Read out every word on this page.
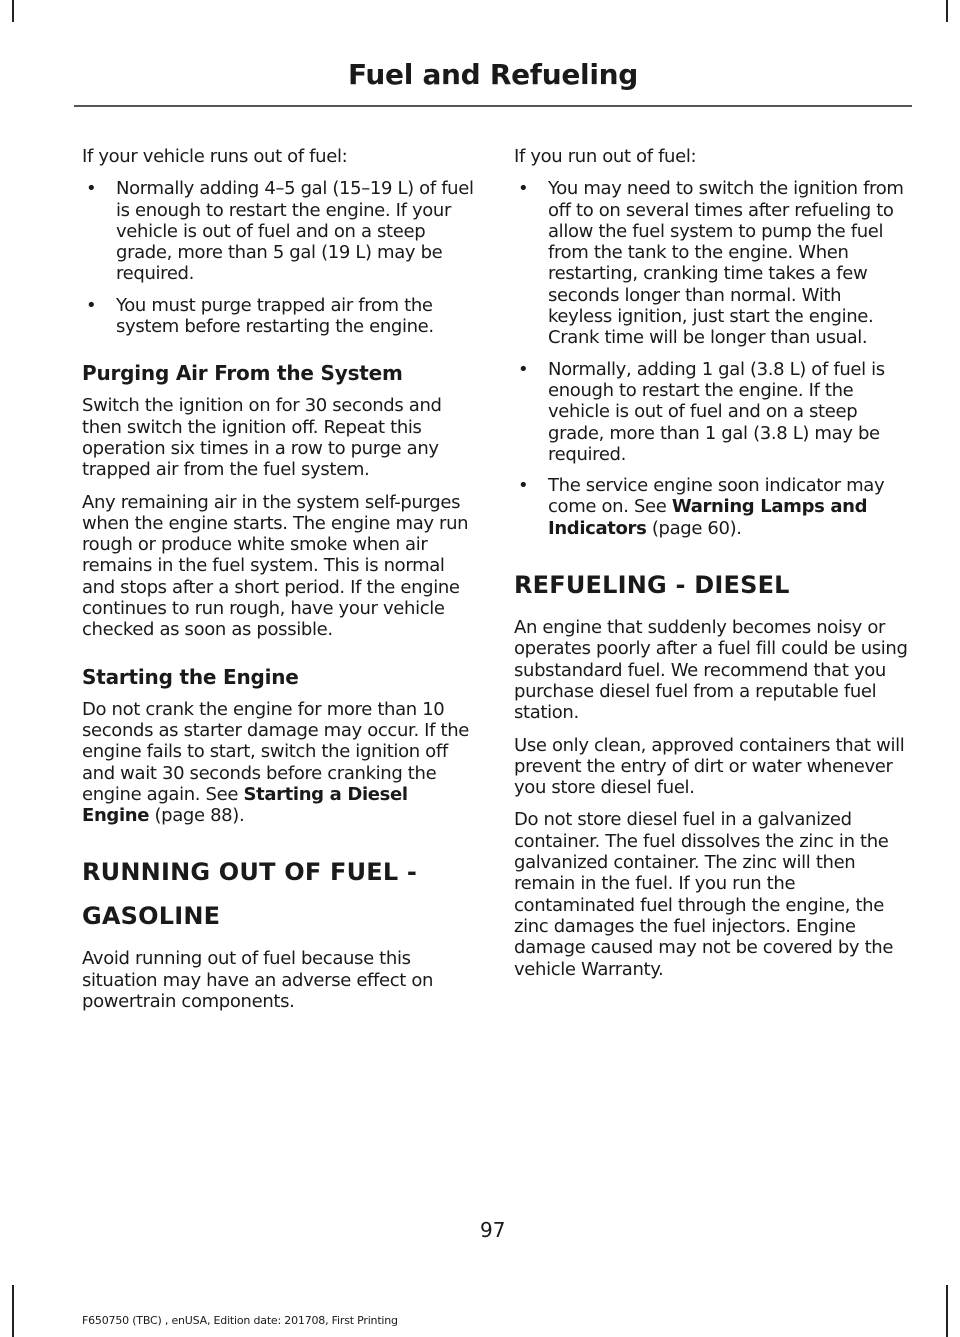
Fuel and Refueling

If your vehicle runs out of fuel:

• Normally adding 4–5 gal (15–19 L) of fuel is enough to restart the engine. If your vehicle is out of fuel and on a steep grade, more than 5 gal (19 L) may be required.
• You must purge trapped air from the system before restarting the engine.
Purging Air From the System

Switch the ignition on for 30 seconds and then switch the ignition off. Repeat this operation six times in a row to purge any trapped air from the fuel system.

Any remaining air in the system self-purges when the engine starts. The engine may run rough or produce white smoke when air remains in the fuel system. This is normal and stops after a short period. If the engine continues to run rough, have your vehicle checked as soon as possible.

Starting the Engine

Do not crank the engine for more than 10 seconds as starter damage may occur. If the engine fails to start, switch the ignition off and wait 30 seconds before cranking the engine again. See Starting a Diesel Engine (page 88).

RUNNING OUT OF FUEL -
GASOLINE

Avoid running out of fuel because this situation may have an adverse effect on powertrain components.

If you run out of fuel:

• You may need to switch the ignition from off to on several times after refueling to allow the fuel system to pump the fuel from the tank to the engine. When restarting, cranking time takes a few seconds longer than normal. With keyless ignition, just start the engine. Crank time will be longer than usual.
• Normally, adding 1 gal (3.8 L) of fuel is enough to restart the engine. If the vehicle is out of fuel and on a steep grade, more than 1 gal (3.8 L) may be required.
• The service engine soon indicator may come on. See Warning Lamps and Indicators (page 60).
REFUELING - DIESEL

An engine that suddenly becomes noisy or operates poorly after a fuel fill could be using substandard fuel. We recommend that you purchase diesel fuel from a reputable fuel station.

Use only clean, approved containers that will prevent the entry of dirt or water whenever you store diesel fuel.

Do not store diesel fuel in a galvanized container. The fuel dissolves the zinc in the galvanized container. The zinc will then remain in the fuel. If you run the contaminated fuel through the engine, the zinc damages the fuel injectors. Engine damage caused may not be covered by the vehicle Warranty.

97
F650750 (TBC) , enUSA, Edition date: 201708, First Printing
